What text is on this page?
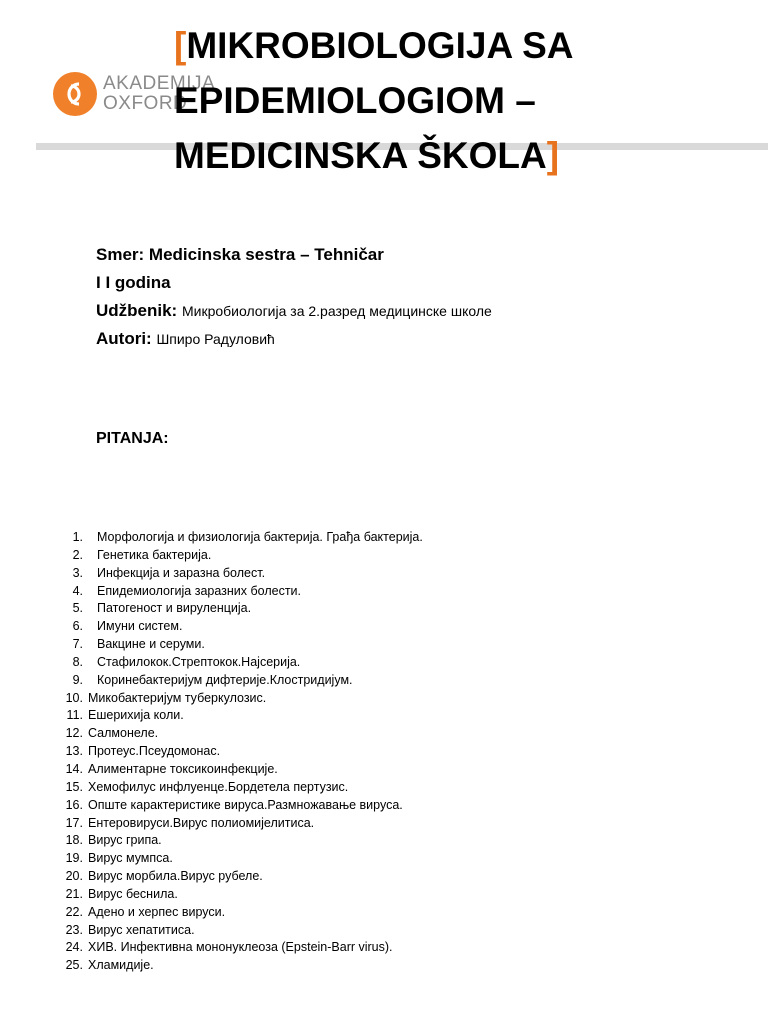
AKADEMIJA
OXFORD
[MIKROBIOLOGIJA SA
EPIDEMIOLOGIOM –
MEDICINSKA ŠKOLA]
Smer: Medicinska sestra – Tehničar
I I godina
Udžbenik: Микробиологија за 2.разред медицинске школе
Autori: Шпиро Радуловић
PITANJA:
1. Морфологија и физиологија бактерија. Грађа бактерија.
2. Генетика бактерија.
3. Инфекција и заразна болест.
4. Епидемиологија заразних болести.
5. Патогеност и вируленција.
6. Имуни систем.
7. Вакцине и серуми.
8. Стафилокок.Стрептокок.Најсерија.
9. Коринебактеријум дифтерије.Клостридијум.
10. Микобактеријум туберкулозис.
11. Ешерихија коли.
12. Салмонеле.
13. Протеус.Псеудомонас.
14. Алиментарне токсикоинфекције.
15. Хемофилус инфлуенце.Бордетела пертузис.
16. Опште карактеристике вируса.Размножавање вируса.
17. Ентеровируси.Вирус полиомијелитиса.
18. Вирус грипа.
19. Вирус мумпса.
20. Вирус морбила.Вирус рубеле.
21. Вирус беснила.
22. Адено и херпес вируси.
23. Вирус хепатитиса.
24. ХИВ. Инфективна мононуклеоза (Epstein-Barr virus).
25. Хламидије.
